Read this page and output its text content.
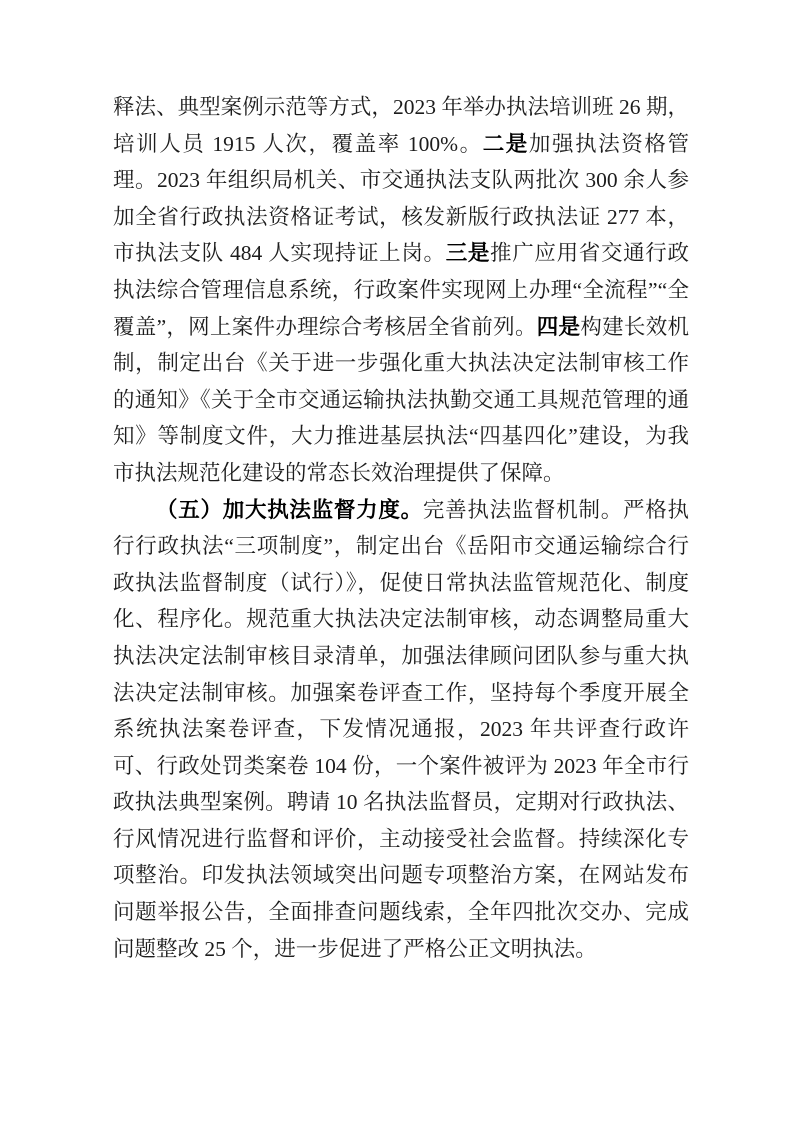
释法、典型案例示范等方式，2023 年举办执法培训班 26 期，培训人员 1915 人次，覆盖率 100%。二是加强执法资格管理。2023 年组织局机关、市交通执法支队两批次 300 余人参加全省行政执法资格证考试，核发新版行政执法证 277 本，市执法支队 484 人实现持证上岗。三是推广应用省交通行政执法综合管理信息系统，行政案件实现网上办理“全流程”“全覆盖”，网上案件办理综合考核居全省前列。四是构建长效机制，制定出台《关于进一步强化重大执法决定法制审核工作的通知》《关于全市交通运输执法执勤交通工具规范管理的通知》等制度文件，大力推进基层执法“四基四化”建设，为我市执法规范化建设的常态长效治理提供了保障。

（五）加大执法监督力度。完善执法监督机制。严格执行行政执法“三项制度”，制定出台《岳阳市交通运输综合行政执法监督制度（试行）》，促使日常执法监管规范化、制度化、程序化。规范重大执法决定法制审核，动态调整局重大执法决定法制审核目录清单，加强法律顾问团队参与重大执法决定法制审核。加强案卷评查工作，坚持每个季度开展全系统执法案卷评查，下发情况通报，2023 年共评查行政许可、行政处罚类案卷 104 份，一个案件被评为 2023 年全市行政执法典型案例。聘请 10 名执法监督员，定期对行政执法、行风情况进行监督和评价，主动接受社会监督。持续深化专项整治。印发执法领域突出问题专项整治方案，在网站发布问题举报公告，全面排查问题线索，全年四批次交办、完成问题整改 25 个，进一步促进了严格公正文明执法。
